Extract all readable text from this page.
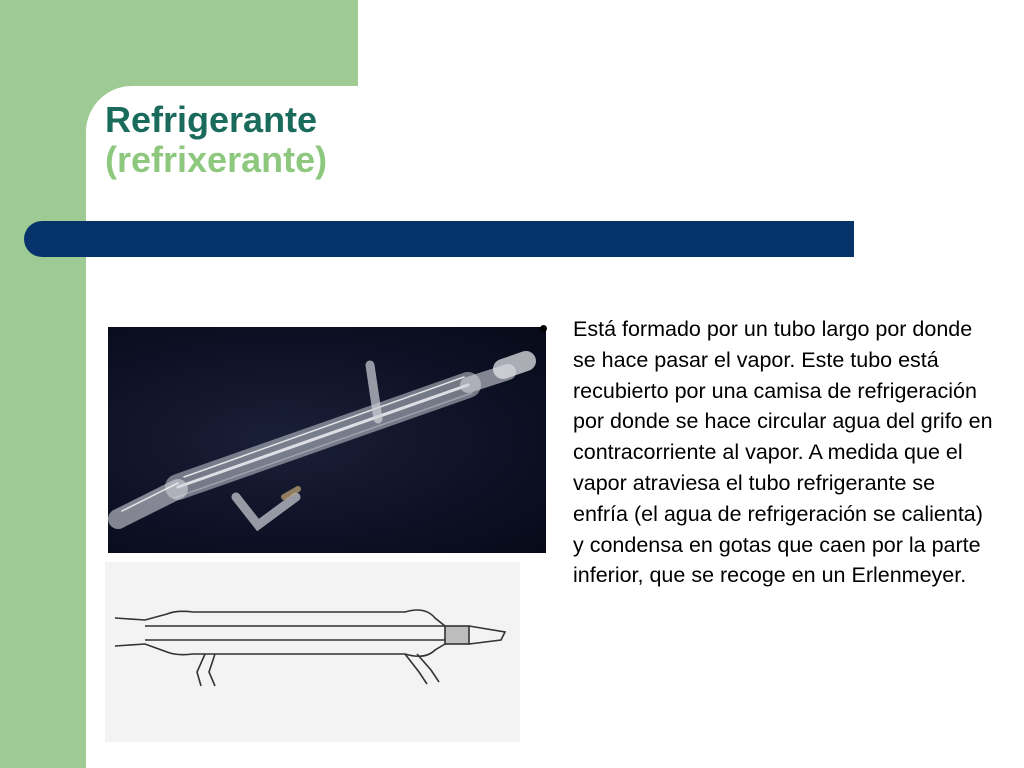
Refrigerante
(refrixerante)
Está formado por un tubo largo por donde se hace pasar el vapor. Este tubo está recubierto por una camisa de refrigeración por donde se hace circular agua del grifo en contracorriente al vapor. A medida que el vapor atraviesa el tubo refrigerante se enfría (el agua de refrigeración se calienta) y condensa en gotas que caen por la parte inferior, que se recoge en un Erlenmeyer.
